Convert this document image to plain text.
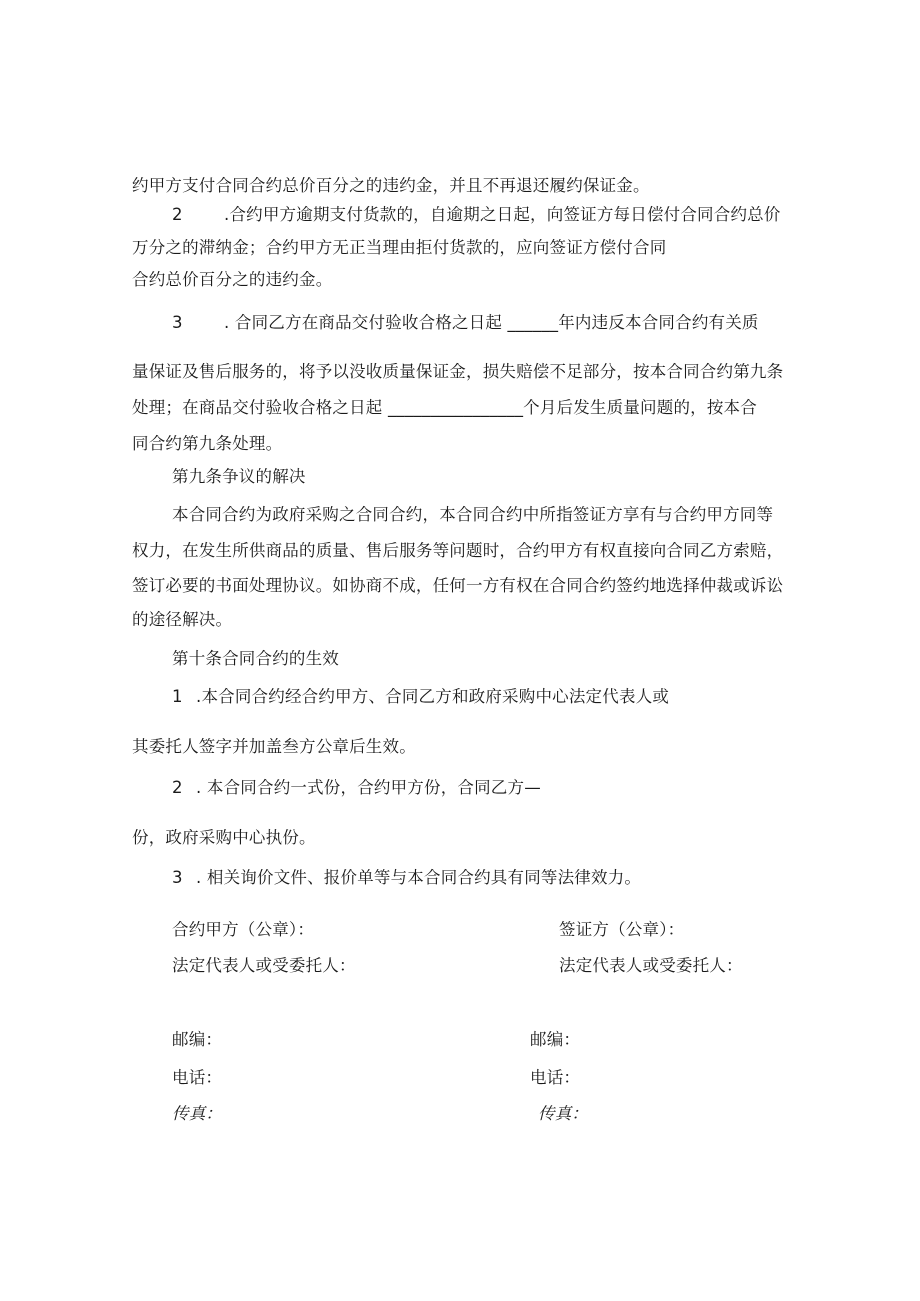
约甲方支付合同合约总价百分之的违约金，并且不再退还履约保证金。
2	.合约甲方逾期支付货款的，自逾期之日起，向签证方每日偿付合同合约总价
万分之的滞纳金；合约甲方无正当理由拒付货款的，应向签证方偿付合同
合约总价百分之的违约金。
3	. 合同乙方在商品交付验收合格之日起 ______年内违反本合同合约有关质
量保证及售后服务的，将予以没收质量保证金，损失赔偿不足部分，按本合同合约第九条
处理；在商品交付验收合格之日起 ________________个月后发生质量问题的，按本合
同合约第九条处理。
第九条争议的解决
本合同合约为政府采购之合同合约，本合同合约中所指签证方享有与合约甲方同等
权力，在发生所供商品的质量、售后服务等问题时，合约甲方有权直接向合同乙方索赔，
签订必要的书面处理协议。如协商不成，任何一方有权在合同合约签约地选择仲裁或诉讼
的途径解决。
第十条合同合约的生效
1 .本合同合约经合约甲方、合同乙方和政府采购中心法定代表人或
其委托人签字并加盖叁方公章后生效。
2 . 本合同合约一式份，合约甲方份，合同乙方—
份，政府采购中心执份。
3 . 相关询价文件、报价单等与本合同合约具有同等法律效力。
合约甲方（公章）：
法定代表人或受委托人：
邮编：
电话：
传真：
签证方（公章）：
法定代表人或受委托人：
邮编：
电话：
传真：
